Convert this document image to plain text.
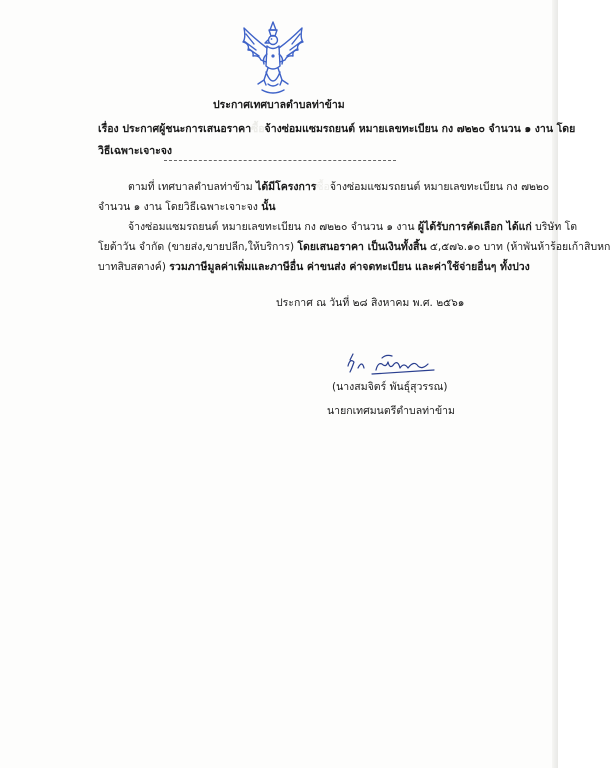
ประกาศเทศบาลตำบลท่าข้าม
เรื่อง ประกาศผู้ชนะการเสนอราคาซื้อจ้างซ่อมแซมรถยนต์ หมายเลขทะเบียน กง ๗๒๒๐ จำนวน ๑ งาน โดย
วิธีเฉพาะเจาะจง
ตามที่ เทศบาลตำบลท่าข้าม ได้มีโครงการซื้อจ้างซ่อมแซมรถยนต์ หมายเลขทะเบียน กง ๗๒๒๐
จำนวน ๑ งาน โดยวิธีเฉพาะเจาะจง นั้น
จ้างซ่อมแซมรถยนต์ หมายเลขทะเบียน กง ๗๒๒๐ จำนวน ๑ งาน ผู้ได้รับการคัดเลือก ได้แก่ บริษัท โต
โยต้าวัน จำกัด (ขายส่ง,ขายปลีก,ให้บริการ) โดยเสนอราคา เป็นเงินทั้งสิ้น ๕,๕๗๖.๑๐ บาท (ห้าพันห้าร้อยเก้าสิบหก
บาทสิบสตางค์) รวมภาษีมูลค่าเพิ่มและภาษีอื่น ค่าขนส่ง ค่าจดทะเบียน และค่าใช้จ่ายอื่นๆ ทั้งปวง
ประกาศ ณ วันที่ ๒๘ สิงหาคม พ.ศ. ๒๕๖๑
(นางสมจิตร์ พันธุ์สุวรรณ)
นายกเทศมนตรีตำบลท่าข้าม
